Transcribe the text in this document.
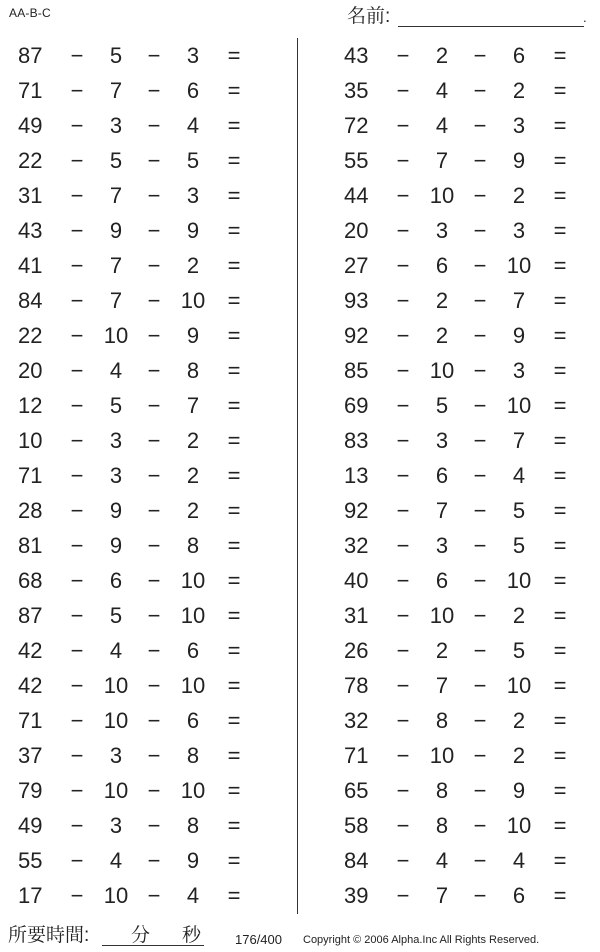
AA-B-C	名前:	.
87	−	5	−	3	=
71	−	7	−	6	=
49	−	3	−	4	=
22	−	5	−	5	=
31	−	7	−	3	=
43	−	9	−	9	=
41	−	7	−	2	=
84	−	7	− 10	=
22	− 10 −	9	=
20	−	4	−	8	=
12	−	5	−	7	=
10	−	3	−	2	=
71	−	3	−	2	=
28	−	9	−	2	=
81	−	9	−	8	=
68	−	6	− 10	=
87	−	5	− 10	=
42	−	4	−	6	=
42	− 10 − 10	=
71	− 10 −	6	=
37	−	3	−	8	=
79	− 10 − 10	=
49	−	3	−	8	=
55	−	4	−	9	=
17	− 10 −	4	=
43	−	2	−	6	=
35	−	4	−	2	=
72	−	4	−	3	=
55	−	7	−	9	=
44	− 10 −	2	=
20	−	3	−	3	=
27	−	6	− 10	=
93	−	2	−	7	=
92	−	2	−	9	=
85	− 10 −	3	=
69	−	5	− 10	=
83	−	3	−	7	=
13	−	6	−	4	=
92	−	7	−	5	=
32	−	3	−	5	=
40	−	6	− 10	=
31	− 10 −	2	=
26	−	2	−	5	=
78	−	7	− 10	=
32	−	8	−	2	=
71	− 10 −	2	=
65	−	8	−	9	=
58	−	8	− 10	=
84	−	4	−	4	=
39	−	7	−	6	=
所要時間: 分 秒	176/400 Copyright © 2006 Alpha.Inc All Rights Reserved.
